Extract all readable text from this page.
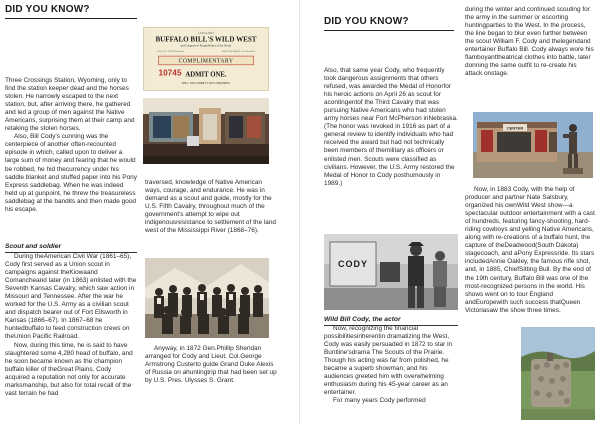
DID YOU KNOW?
( 2 00-4-300 )
BUFFALO BILL'S WILD WEST
and Congress of Rough Riders of the World.
COL. W. F. CODY, President.	NATE SALSBURY, Vice-President.
COMPLIMENTARY
10745 ADMIT ONE.
WILL NOT ADMIT TWO CHILDREN.

Three Crossings Station, Wyoming, only to find the station keeper dead and the horses stolen. He narrowly escaped to the next station, but, after arriving there, he gathered and led a group of men against the Native Americans, surprising them at their camp and retaking the stolen horses.

Also, Bill Cody's cunning was the centerpiece of another often-recounted episode in which, called upon to deliver a large sum of money and fearing that he would be robbed, he hid thecurrency under his saddle blanket and stuffed paper into his Pony Express saddlebag. When he was indeed held up at gunpoint, he threw the treasureless saddlebag at the bandits and then made good his escape.

Scout and soldier

During theAmerican Civil War (1861–65), Cody first served as a Union scout in campaigns against theKiowaand Comancheand later (in 1863) enlisted with the Seventh Kansas Cavalry, which saw action in Missouri and Tennessee. After the war he worked for the U.S. Army as a civilian scout and dispatch bearer out of Fort Ellsworth in Kansas (1866–67). In 1867–68 he huntedbuffalo to feed construction crews on theUnion Pacific Railroad.

Now, during this time, he is said to have slaughtered some 4,280 head of buffalo, and he soon became known as the champion buffalo killer of theGreat Plains. Cody acquired a reputation not only for accurate marksmanship, but also for total recall of the vast terrain he had

traversed, knowledge of Native American ways, courage, and endurance. He was in demand as a scout and guide, mostly for the U.S. Fifth Cavalry, throughout much of the government's attempt to wipe out indigenousresistance to settlement of the land west of the Mississippi River (1868–76).
Anyway, in 1872 Gen.Phillip Sheridan arranged for Cody and Lieut. Col.George Armstrong Custerto guide Grand Duke Alexis of Russia on ahuntingtrip that had been set up by U.S. Pres. Ulysses S. Grant.
DID YOU KNOW?

Also, that same year Cody, who frequently took dangerous assignments that others refused, was awarded the Medal of Honorfor his heroic actions on April 26 as scout for acontingentof the Third Cavalry that was pursuing Native Americans who had stolen army horses near Fort McPherson inNebraska. (The honor was revoked in 1916 as part of a general review to identify individuals who had received the award but had not technically been members of themilitary as officers or enlisted men. Scouts were classified as civilians. However, the U.S. Army restored the Medal of Honor to Cody posthumously in 1989.)

CODY
Wild Bill Cody, the actor

Now, recognizing the financial possibilitiesinherentin dramatizing the West, Cody was easily persuaded in 1872 to star in Buntline'sdrama The Scouts of the Prairie. Though his acting was far from polished, he became a superb showman, and his audiences greeted him with overwhelming enthusiasm during his 45-year career as an entertainer.

For many years Cody performed

during the winter and continued scouting for the army in the summer or escorting huntingparties to the West. In the process, the line began to blur even further between the scout William F. Cody and thelegendand entertainer Buffalo Bill. Cody always wore his flamboyanttheatrical clothes into battle, later donning the same outfit to re-create his attack onstage.
CENTER
Now, in 1883 Cody, with the help of producer and partner Nate Salsbury, organized his ownWild West show—a spectacular outdoor entertainment with a cast of hundreds, featuring fancy-shooting, hard-riding cowboys and yelling Native Americans, along with re-creations of a buffalo hunt, the capture of theDeadwood(South Dakota) stagecoach, and aPony Expressride. Its stars includedAnnie Oakley, the famous rifle shot, and, in 1885, ChiefSitting Bull. By the end of the 19th century, Buffalo Bill was one of the most-recognized persons in the world. His shows went on to tour England andEuropewith such success thatQueen Victoriasaw the show three times.
